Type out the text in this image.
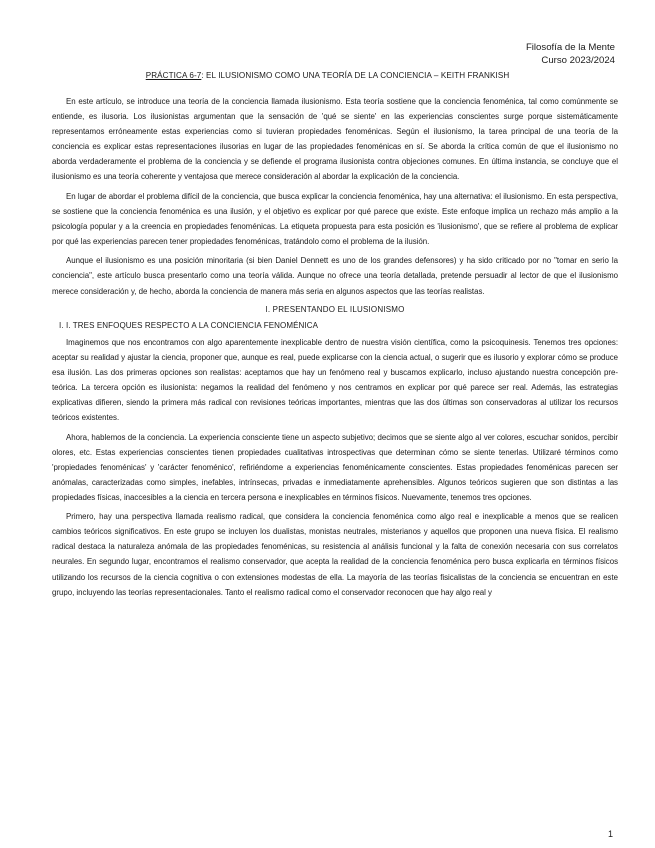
Filosofía de la Mente
Curso 2023/2024
PRÁCTICA 6-7: EL ILUSIONISMO COMO UNA TEORÍA DE LA CONCIENCIA – KEITH FRANKISH

En este artículo, se introduce una teoría de la conciencia llamada ilusionismo. Esta teoría sostiene que la conciencia fenoménica, tal como comúnmente se entiende, es ilusoria. Los ilusionistas argumentan que la sensación de 'qué se siente' en las experiencias conscientes surge porque sistemáticamente representamos erróneamente estas experiencias como si tuvieran propiedades fenoménicas. Según el ilusionismo, la tarea principal de una teoría de la conciencia es explicar estas representaciones ilusorias en lugar de las propiedades fenoménicas en sí. Se aborda la crítica común de que el ilusionismo no aborda verdaderamente el problema de la conciencia y se defiende el programa ilusionista contra objeciones comunes. En última instancia, se concluye que el ilusionismo es una teoría coherente y ventajosa que merece consideración al abordar la explicación de la conciencia.

En lugar de abordar el problema difícil de la conciencia, que busca explicar la conciencia fenoménica, hay una alternativa: el ilusionismo. En esta perspectiva, se sostiene que la conciencia fenoménica es una ilusión, y el objetivo es explicar por qué parece que existe. Este enfoque implica un rechazo más amplio a la psicología popular y a la creencia en propiedades fenoménicas. La etiqueta propuesta para esta posición es 'ilusionismo', que se refiere al problema de explicar por qué las experiencias parecen tener propiedades fenoménicas, tratándolo como el problema de la ilusión.

Aunque el ilusionismo es una posición minoritaria (si bien Daniel Dennett es uno de los grandes defensores) y ha sido criticado por no "tomar en serio la conciencia", este artículo busca presentarlo como una teoría válida. Aunque no ofrece una teoría detallada, pretende persuadir al lector de que el ilusionismo merece consideración y, de hecho, aborda la conciencia de manera más seria en algunos aspectos que las teorías realistas.

I. PRESENTANDO EL ILUSIONISMO
I. I. TRES ENFOQUES RESPECTO A LA CONCIENCIA FENOMÉNICA

Imaginemos que nos encontramos con algo aparentemente inexplicable dentro de nuestra visión científica, como la psicoquinesis. Tenemos tres opciones: aceptar su realidad y ajustar la ciencia, proponer que, aunque es real, puede explicarse con la ciencia actual, o sugerir que es ilusorio y explorar cómo se produce esa ilusión. Las dos primeras opciones son realistas: aceptamos que hay un fenómeno real y buscamos explicarlo, incluso ajustando nuestra concepción pre-teórica. La tercera opción es ilusionista: negamos la realidad del fenómeno y nos centramos en explicar por qué parece ser real. Además, las estrategias explicativas difieren, siendo la primera más radical con revisiones teóricas importantes, mientras que las dos últimas son conservadoras al utilizar los recursos teóricos existentes.

Ahora, hablemos de la conciencia. La experiencia consciente tiene un aspecto subjetivo; decimos que se siente algo al ver colores, escuchar sonidos, percibir olores, etc. Estas experiencias conscientes tienen propiedades cualitativas introspectivas que determinan cómo se siente tenerlas. Utilizaré términos como 'propiedades fenoménicas' y 'carácter fenoménico', refiriéndome a experiencias fenoménicamente conscientes. Estas propiedades fenoménicas parecen ser anómalas, caracterizadas como simples, inefables, intrínsecas, privadas e inmediatamente aprehensibles. Algunos teóricos sugieren que son distintas a las propiedades físicas, inaccesibles a la ciencia en tercera persona e inexplicables en términos físicos. Nuevamente, tenemos tres opciones.

Primero, hay una perspectiva llamada realismo radical, que considera la conciencia fenoménica como algo real e inexplicable a menos que se realicen cambios teóricos significativos. En este grupo se incluyen los dualistas, monistas neutrales, misterianos y aquellos que proponen una nueva física. El realismo radical destaca la naturaleza anómala de las propiedades fenoménicas, su resistencia al análisis funcional y la falta de conexión necesaria con sus correlatos neurales. En segundo lugar, encontramos el realismo conservador, que acepta la realidad de la conciencia fenoménica pero busca explicarla en términos físicos utilizando los recursos de la ciencia cognitiva o con extensiones modestas de ella. La mayoría de las teorías fisicalistas de la conciencia se encuentran en este grupo, incluyendo las teorías representacionales. Tanto el realismo radical como el conservador reconocen que hay algo real y

1
